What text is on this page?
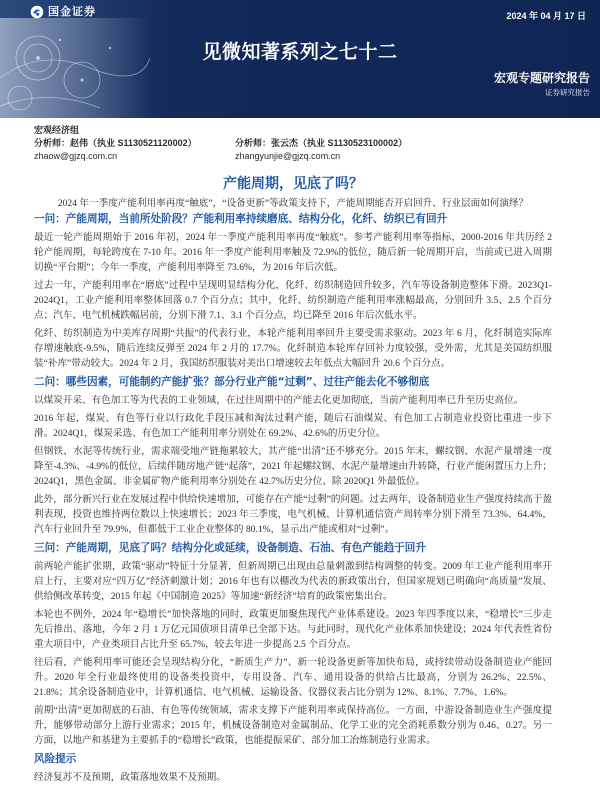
国金证券	2024 年 04 月 17 日
见微知著系列之七十二
宏观专题研究报告
证券研究报告
宏观经济组
分析师：赵伟（执业 S1130521120002）
zhaow@gjzq.com.cn
分析师：张云杰（执业 S1130523100002）
zhangyunjie@gjzq.com.cn
产能周期，见底了吗？

2024 年一季度产能利用率再度“触底”，“设备更新”等政策支持下，产能周期能否开启回升、行业层面如何演绎？

一问：产能周期，当前所处阶段？产能利用率持续磨底、结构分化，化纤、纺织已有回升

最近一轮产能周期始于 2016 年初，2024 年一季度产能利用率再度“触底”。参考产能利用率等指标，2000-2016 年共历经 2 轮产能周期，每轮跨度在 7-10 年。2016 年一季度产能利用率触及 72.9%的低位，随后新一轮周期开启，当前或已进入周期切换“平台期”；今年一季度，产能利用率降至 73.6%，为 2016 年后次低。

过去一年，产能利用率在“磨底”过程中呈现明显结构分化，化纤、纺织制造回升较多，汽车等设备制造整体下滑。2023Q1-2024Q1，工业产能利用率整体回落 0.7 个百分点；其中，化纤、纺织制造产能利用率涨幅最高，分别回升 3.5、2.5 个百分点；汽车、电气机械跌幅居前，分别下滑 7.1、3.1 个百分点，均已降至 2016 年后次低水平。

化纤、纺织制造为中美库存周期“共振”的代表行业，本轮产能利用率回升主要受需求驱动。2023 年 6 月，化纤制造实际库存增速触底-9.5%，随后连续反弹至 2024 年 2 月的 17.7%。化纤制造本轮库存回补力度较强，受外需，尤其是美国纺织服装“补库”带动较大。2024 年 2 月，我国纺织服装对美出口增速较去年低点大幅回升 20.6 个百分点。

二问：哪些因素，可能制约产能扩张？部分行业产能“过剩”、过往产能去化不够彻底

以煤炭开采、有色加工等为代表的工业领域，在过往周期中的产能去化更加彻底，当前产能利用率已升至历史高位。

2016 年起，煤炭、有色等行业以行政化手段压减和淘汰过剩产能，随后石油煤炭、有色加工占制造业投资比重进一步下滑。2024Q1，煤炭采选、有色加工产能利用率分别处在 69.2%、42.6%的历史分位。

但钢铁、水泥等传统行业，需求端受地产链拖累较大，其产能“出清”还不够充分。2015 年末，螺纹钢、水泥产量增速一度降至-4.3%、-4.9%的低位，后续伴随房地产链“起落”，2021 年起螺纹钢、水泥产量增速由升转降，行业产能闲置压力上升；2024Q1，黑色金属、非金属矿物产能利用率分别处在 42.7%历史分位、除 2020Q1 外最低位。

此外，部分新兴行业在发展过程中供给快速增加，可能存在产能“过剩”的问题。过去两年，设备制造业生产强度持续高于盈利表现，投资也维持两位数以上快速增长；2023 年三季度，电气机械、计算机通信资产周转率分别下滑至 73.3%、64.4%，汽车行业回升至 79.9%，但都低于工业企业整体的 80.1%，显示出产能或相对“过剩”。

三问：产能周期，见底了吗？结构分化或延续，设备制造、石油、有色产能趋于回升

前两轮产能扩张期，政策“驱动”特征十分显著，但新周期已出现由总量刺激到结构调整的转变。2009 年工业产能利用率开启上行，主要对应“四万亿”经济刺激计划；2016 年也有以棚改为代表的新政策出台，但国家规划已明确向“高质量”发展、供给侧改革转变，2015 年起《中国制造 2025》等加速“新经济”培育的政策密集出台。

本轮也不例外，2024 年“稳增长”加快落地的同时，政策更加聚焦现代产业体系建设。2023 年四季度以来，“稳增长”三步走先后推出、落地，今年 2 月 1 万亿元国债项目清单已全部下达。与此同时，现代化产业体系加快建设；2024 年代表性省份重大项目中，产业类项目占比升至 65.7%，较去年进一步提高 2.5 个百分点。

往后看，产能利用率可能还会呈现结构分化，“新质生产力”、新一轮设备更新等加快布局，或持续带动设备制造业产能回升。2020 年全行业最终使用的设备类投资中，专用设备、汽车、通用设备的供给占比最高，分别为 26.2%、22.5%、21.8%；其余设备制造业中，计算机通信、电气机械、运输设备、仪器仪表占比分别为 12%、8.1%、7.7%、1.6%。

前期“出清”更加彻底的石油、有色等传统领域，需求支撑下产能利用率或保持高位。一方面，中游设备制造业生产强度提升，能够带动部分上游行业需求；2015 年，机械设备制造对金属制品、化学工业的完全消耗系数分别为 0.46、0.27。另一方面，以地产和基建为主要抓手的“稳增长”政策，也能提振采矿、部分加工冶炼制造行业需求。

风险提示

经济复苏不及预期，政策落地效果不及预期。
